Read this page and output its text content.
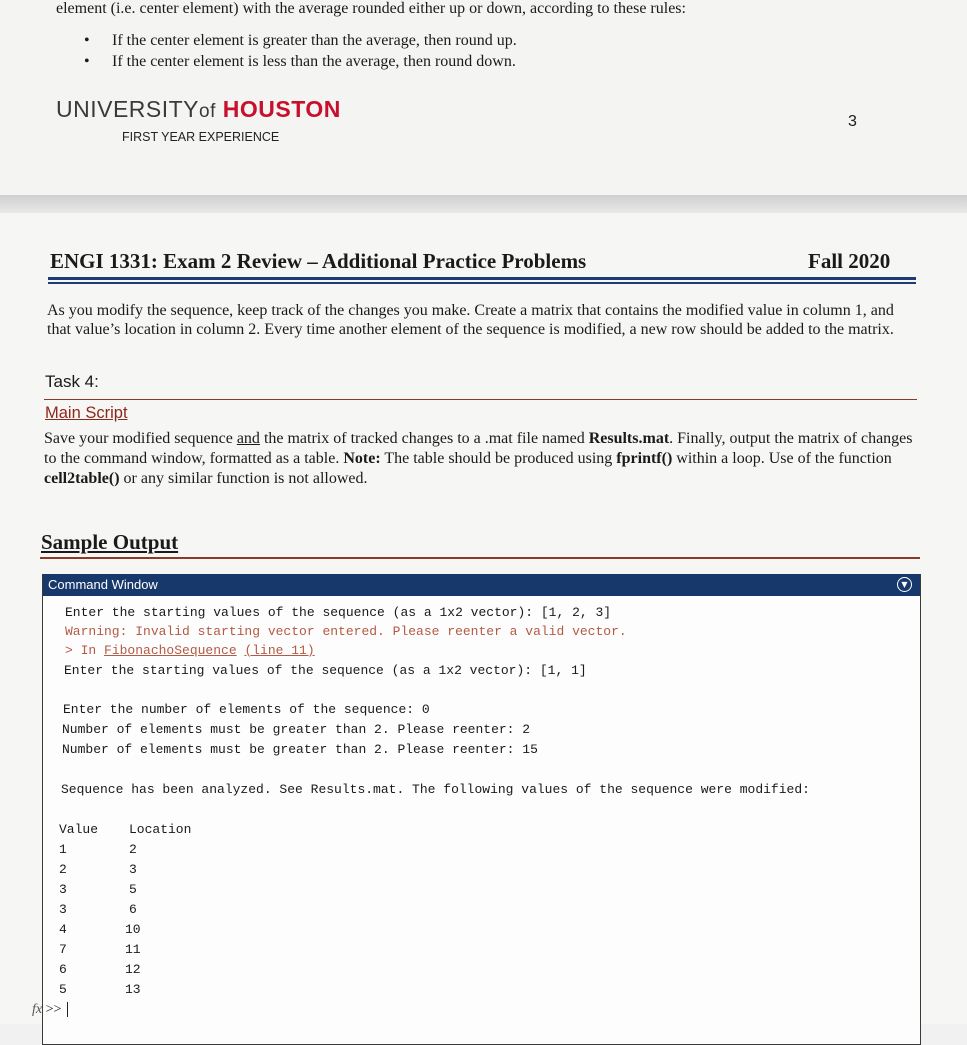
element (i.e. center element) with the average rounded either up or down, according to these rules:
• If the center element is greater than the average, then round up.
• If the center element is less than the average, then round down.
UNIVERSITYof HOUSTON
FIRST YEAR EXPERIENCE
3
ENGI 1331: Exam 2 Review – Additional Practice Problems	Fall 2020
As you modify the sequence, keep track of the changes you make. Create a matrix that contains the modified value in column 1, and that value’s location in column 2. Every time another element of the sequence is modified, a new row should be added to the matrix.
Task 4:
Main Script
Save your modified sequence and the matrix of tracked changes to a .mat file named Results.mat. Finally, output the matrix of changes to the command window, formatted as a table. Note: The table should be produced using fprintf() within a loop. Use of the function cell2table() or any similar function is not allowed.
Sample Output
Command Window	▼
Enter the starting values of the sequence (as a 1x2 vector): [1, 2, 3]
Warning: Invalid starting vector entered. Please reenter a valid vector.
> In FibonachoSequence (line 11)
Enter the starting values of the sequence (as a 1x2 vector): [1, 1]
Enter the number of elements of the sequence: 0
Number of elements must be greater than 2. Please reenter: 2
Number of elements must be greater than 2. Please reenter: 15
Sequence has been analyzed. See Results.mat. The following values of the sequence were modified:
Value Location
1	2
2	3
3	5
3	6
4	10
7	11
6	12
5	13
fx >>
